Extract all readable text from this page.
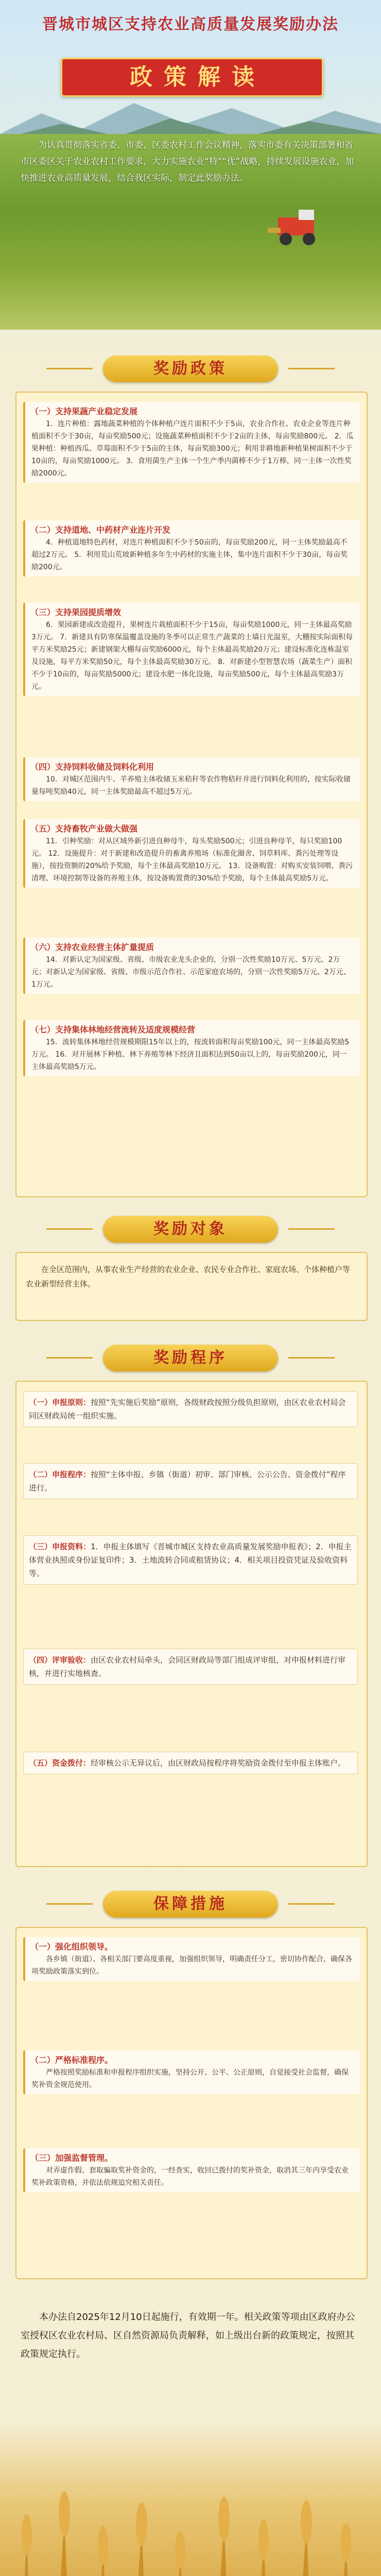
晋城市城区支持农业高质量发展奖励办法
政策解读
为认真贯彻落实省委、市委、区委农村工作会议精神，落实市委有关决策部署和省市区委区关于农业农村工作要求，大力实施农业“特”“优”战略，持续发展设施农业，加快推进农业高质量发展，结合我区实际，制定此奖励办法。
奖励政策
（一）支持果蔬产业稳定发展
1．连片种植：露地蔬菜种植的个体种植户连片面积不少于5亩，农业合作社、农业企业等连片种植面积不少于30亩，每亩奖励500元；设施蔬菜种植面积不少于2亩的主体，每亩奖励800元。 2．瓜果种植：种植西瓜、草莓面积不少于5亩的主体，每亩奖励300元；利用非耕地新种植果树面积不少于10亩的，每亩奖励1000元。 3．食用菌生产主体一个生产季内菌棒不少于1万棒，同一主体一次性奖励2000元。
（二）支持道地、中药材产业连片开发
4．种植道地特色药材，对连片种植面积不少于50亩的，每亩奖励200元，同一主体奖励最高不超过2万元。 5．利用荒山荒坡新种植多年生中药材的实施主体，集中连片面积不少于30亩，每亩奖励200元。
（三）支持果园提质增效
6．果园新建或改造提升，果树连片栽植面积不少于15亩，每亩奖励1000元，同一主体最高奖励3万元。 7．新建具有防寒保温覆盖设施的冬季可以正常生产蔬菜的土墙日光温室，大棚按实际面积每平方米奖励25元；新建钢架大棚每亩奖励6000元，每个主体最高奖励20万元；建设标准化连栋温室及设施，每平方米奖励50元，每个主体最高奖励30万元。 8．对新建小型智慧农场（蔬菜生产）面积不少于10亩的，每亩奖励5000元；建设水肥一体化设施，每亩奖励500元，每个主体最高奖励3万元。
（四）支持饲料收储及饲料化利用
10．对城区范围内牛、羊养殖主体收储玉米秸秆等农作物秸秆并进行饲料化利用的，按实际收储量每吨奖励40元，同一主体奖励最高不超过5万元。
（五）支持畜牧产业做大做强
11．引种奖励：对从区域外新引进良种母牛，每头奖励500元；引进良种母羊，每只奖励100元。 12．设施提升：对于新建和改造提升的畜禽养殖场（标准化圈舍、饲草料库、粪污处理等设施），按投资额的20%给予奖励，每个主体最高奖励10万元。 13．设备购置：对购买安装饲喂、粪污清理、环境控制等设备的养殖主体，按设备购置费的30%给予奖励，每个主体最高奖励5万元。
（六）支持农业经营主体扩量提质
14．对新认定为国家级、省级、市级农业龙头企业的，分别一次性奖励10万元、5万元、2万元；对新认定为国家级、省级、市级示范合作社、示范家庭农场的，分别一次性奖励5万元、2万元、1万元。
（七）支持集体林地经营流转及适度规模经营
15．流转集体林地经营规模期限15年以上的，按流转面积每亩奖励100元，同一主体最高奖励5万元。 16．对开展林下种植、林下养殖等林下经济且面积达到50亩以上的，每亩奖励200元，同一主体最高奖励5万元。
奖励对象
在全区范围内，从事农业生产经营的农业企业、农民专业合作社、家庭农场、个体种植户等农业新型经营主体。
奖励程序
（一）申报原则：按照“先实施后奖励”原则，各级财政按照分级负担原则，由区农业农村局会同区财政局统一组织实施。
（二）申报程序：按照“主体申报、乡镇（街道）初审、部门审核、公示公告、资金拨付”程序进行。
（三）申报资料：1．申报主体填写《晋城市城区支持农业高质量发展奖励申报表》；2．申报主体营业执照或身份证复印件；3．土地流转合同或租赁协议；4．相关项目投资凭证及验收资料等。
（四）评审验收：由区农业农村局牵头，会同区财政局等部门组成评审组，对申报材料进行审核，并进行实地核查。
（五）资金拨付：经审核公示无异议后，由区财政局按程序将奖励资金拨付至申报主体账户。
保障措施
（一）强化组织领导。
各乡镇（街道）、各相关部门要高度重视，加强组织领导，明确责任分工，密切协作配合，确保各项奖励政策落实到位。
（二）严格标准程序。
严格按照奖励标准和申报程序组织实施，坚持公开、公平、公正原则，自觉接受社会监督，确保奖补资金规范使用。
（三）加强监督管理。
对弄虚作假、套取骗取奖补资金的，一经查实，收回已拨付的奖补资金，取消其三年内享受农业奖补政策资格，并依法依规追究相关责任。
本办法自2025年12月10日起施行，有效期一年。相关政策等项由区政府办公室授权区农业农村局、区自然资源局负责解释，如上级出台新的政策规定，按照其政策规定执行。
